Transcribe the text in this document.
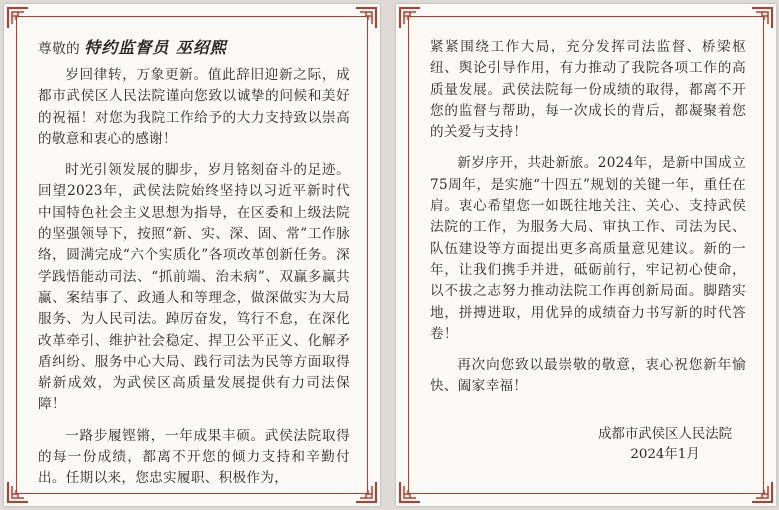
尊敬的 特约监督员 巫绍熙

岁回律转，万象更新。值此辞旧迎新之际，成都市武侯区人民法院谨向您致以诚挚的问候和美好的祝福！对您为我院工作给予的大力支持致以崇高的敬意和衷心的感谢！

时光引领发展的脚步，岁月铭刻奋斗的足迹。回望2023年，武侯法院始终坚持以习近平新时代中国特色社会主义思想为指导，在区委和上级法院的坚强领导下，按照“新、实、深、固、常”工作脉络，圆满完成“六个实质化”各项改革创新任务。深学践悟能动司法、“抓前端、治未病”、双赢多赢共赢、案结事了、政通人和等理念，做深做实为大局服务、为人民司法。踔厉奋发，笃行不怠，在深化改革牵引、维护社会稳定、捍卫公平正义、化解矛盾纠纷、服务中心大局、践行司法为民等方面取得崭新成效，为武侯区高质量发展提供有力司法保障！

一路步履铿锵，一年成果丰硕。武侯法院取得的每一份成绩，都离不开您的倾力支持和辛勤付出。任期以来，您忠实履职、积极作为，

紧紧围绕工作大局，充分发挥司法监督、桥梁枢纽、舆论引导作用，有力推动了我院各项工作的高质量发展。武侯法院每一份成绩的取得，都离不开您的监督与帮助，每一次成长的背后，都凝聚着您的关爱与支持！

新岁序开，共赴新旅。2024年，是新中国成立75周年，是实施“十四五”规划的关键一年，重任在肩。衷心希望您一如既往地关注、关心、支持武侯法院的工作，为服务大局、审执工作、司法为民、队伍建设等方面提出更多高质量意见建议。新的一年，让我们携手并进，砥砺前行，牢记初心使命，以不拔之志努力推动法院工作再创新局面。脚踏实地，拼搏进取，用优异的成绩奋力书写新的时代答卷！

再次向您致以最崇敬的敬意，衷心祝您新年愉快、阖家幸福！

成都市武侯区人民法院
2024年1月
